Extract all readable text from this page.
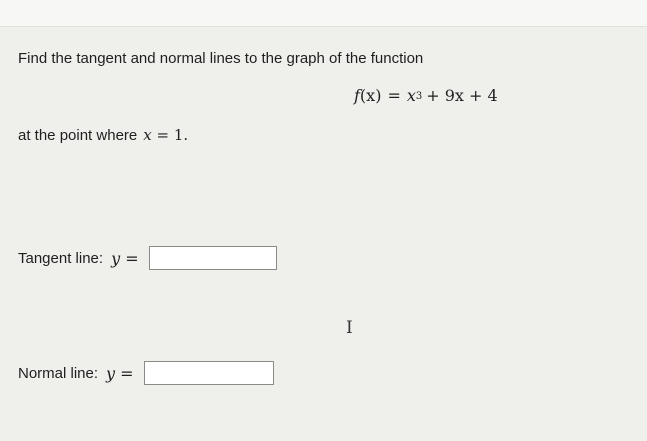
Find the tangent and normal lines to the graph of the function
f $(x) = x^3 + 9x + 4$
at the point where x = 1.
Tangent line: y =
I
Normal line: y =
